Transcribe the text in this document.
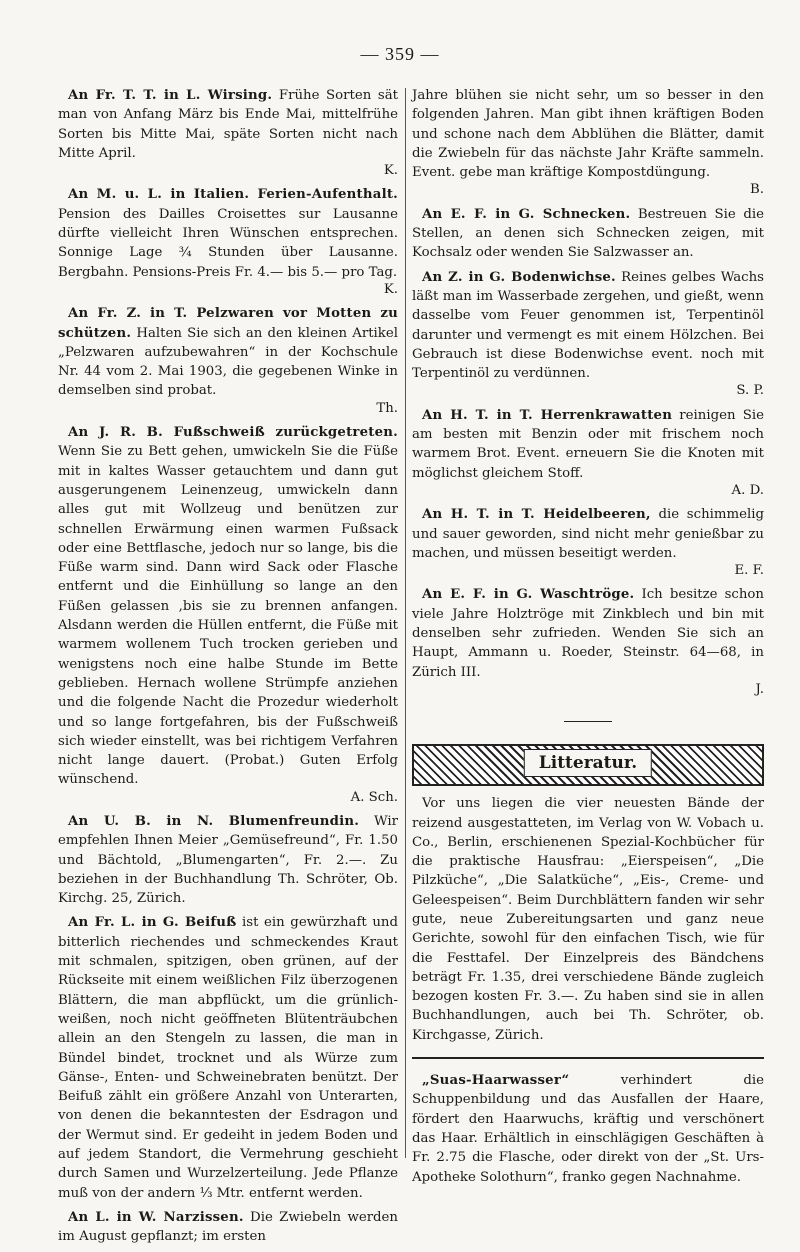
— 359 —

An Fr. T. T. in L. Wirsing. Frühe Sorten sät man von Anfang März bis Ende Mai, mittelfrühe Sorten bis Mitte Mai, späte Sorten nicht nach Mitte April.
K.

An M. u. L. in Italien. Ferien-Aufenthalt. Pension des Dailles Croisettes sur Lausanne dürfte vielleicht Ihren Wünschen entsprechen. Sonnige Lage ¾ Stunden über Lausanne. Bergbahn. Pensions-Preis Fr. 4.— bis 5.— pro Tag.
K.

An Fr. Z. in T. Pelzwaren vor Motten zu schützen. Halten Sie sich an den kleinen Artikel „Pelzwaren aufzubewahren“ in der Kochschule Nr. 44 vom 2. Mai 1903, die gegebenen Winke in demselben sind probat.
Th.

An J. R. B. Fußschweiß zurückgetreten. Wenn Sie zu Bett gehen, umwickeln Sie die Füße mit in kaltes Wasser getauchtem und dann gut ausgerungenem Leinenzeug, umwickeln dann alles gut mit Wollzeug und benützen zur schnellen Erwärmung einen warmen Fußsack oder eine Bettflasche, jedoch nur so lange, bis die Füße warm sind. Dann wird Sack oder Flasche entfernt und die Einhüllung so lange an den Füßen gelassen ,bis sie zu brennen anfangen. Alsdann werden die Hüllen entfernt, die Füße mit warmem wollenem Tuch trocken gerieben und wenigstens noch eine halbe Stunde im Bette geblieben. Hernach wollene Strümpfe anziehen und die folgende Nacht die Prozedur wiederholt und so lange fortgefahren, bis der Fußschweiß sich wieder einstellt, was bei richtigem Verfahren nicht lange dauert. (Probat.) Guten Erfolg wünschend.
A. Sch.

An U. B. in N. Blumenfreundin. Wir empfehlen Ihnen Meier „Gemüsefreund“, Fr. 1.50 und Bächtold, „Blumengarten“, Fr. 2.—. Zu beziehen in der Buchhandlung Th. Schröter, Ob. Kirchg. 25, Zürich.

An Fr. L. in G. Beifuß ist ein gewürzhaft und bitterlich riechendes und schmeckendes Kraut mit schmalen, spitzigen, oben grünen, auf der Rückseite mit einem weißlichen Filz überzogenen Blättern, die man abpflückt, um die grünlich-weißen, noch nicht geöffneten Blütenträubchen allein an den Stengeln zu lassen, die man in Bündel bindet, trocknet und als Würze zum Gänse-, Enten- und Schweinebraten benützt. Der Beifuß zählt ein größere Anzahl von Unterarten, von denen die bekanntesten der Esdragon und der Wermut sind. Er gedeiht in jedem Boden und auf jedem Standort, die Vermehrung geschieht durch Samen und Wurzelzerteilung. Jede Pflanze muß von der andern ⅓ Mtr. entfernt werden.

An L. in W. Narzissen. Die Zwiebeln werden im August gepflanzt; im ersten

Jahre blühen sie nicht sehr, um so besser in den folgenden Jahren. Man gibt ihnen kräftigen Boden und schone nach dem Abblühen die Blätter, damit die Zwiebeln für das nächste Jahr Kräfte sammeln. Event. gebe man kräftige Kompostdüngung.
B.

An E. F. in G. Schnecken. Bestreuen Sie die Stellen, an denen sich Schnecken zeigen, mit Kochsalz oder wenden Sie Salzwasser an.

An Z. in G. Bodenwichse. Reines gelbes Wachs läßt man im Wasserbade zergehen, und gießt, wenn dasselbe vom Feuer genommen ist, Terpentinöl darunter und vermengt es mit einem Hölzchen. Bei Gebrauch ist diese Bodenwichse event. noch mit Terpentinöl zu verdünnen.
S. P.

An H. T. in T. Herrenkrawatten reinigen Sie am besten mit Benzin oder mit frischem noch warmem Brot. Event. erneuern Sie die Knoten mit möglichst gleichem Stoff.
A. D.

An H. T. in T. Heidelbeeren, die schimmelig und sauer geworden, sind nicht mehr genießbar zu machen, und müssen beseitigt werden.
E. F.

An E. F. in G. Waschtröge. Ich besitze schon viele Jahre Holztröge mit Zinkblech und bin mit denselben sehr zufrieden. Wenden Sie sich an Haupt, Ammann u. Roeder, Steinstr. 64—68, in Zürich III.
J.

Litteratur.

Vor uns liegen die vier neuesten Bände der reizend ausgestatteten, im Verlag von W. Vobach u. Co., Berlin, erschienenen Spezial-Kochbücher für die praktische Hausfrau: „Eierspeisen“, „Die Pilzküche“, „Die Salatküche“, „Eis-, Creme- und Geleespeisen“. Beim Durchblättern fanden wir sehr gute, neue Zubereitungsarten und ganz neue Gerichte, sowohl für den einfachen Tisch, wie für die Festtafel. Der Einzelpreis des Bändchens beträgt Fr. 1.35, drei verschiedene Bände zugleich bezogen kosten Fr. 3.—. Zu haben sind sie in allen Buchhandlungen, auch bei Th. Schröter, ob. Kirchgasse, Zürich.

„Suas-Haarwasser“	verhindert die Schuppenbildung und das Ausfallen der Haare, fördert den Haarwuchs, kräftig und verschönert das Haar. Erhältlich in einschlägigen Geschäften à Fr. 2.75 die Flasche, oder direkt von der „St. Urs-Apotheke Solothurn“, franko gegen Nachnahme.
